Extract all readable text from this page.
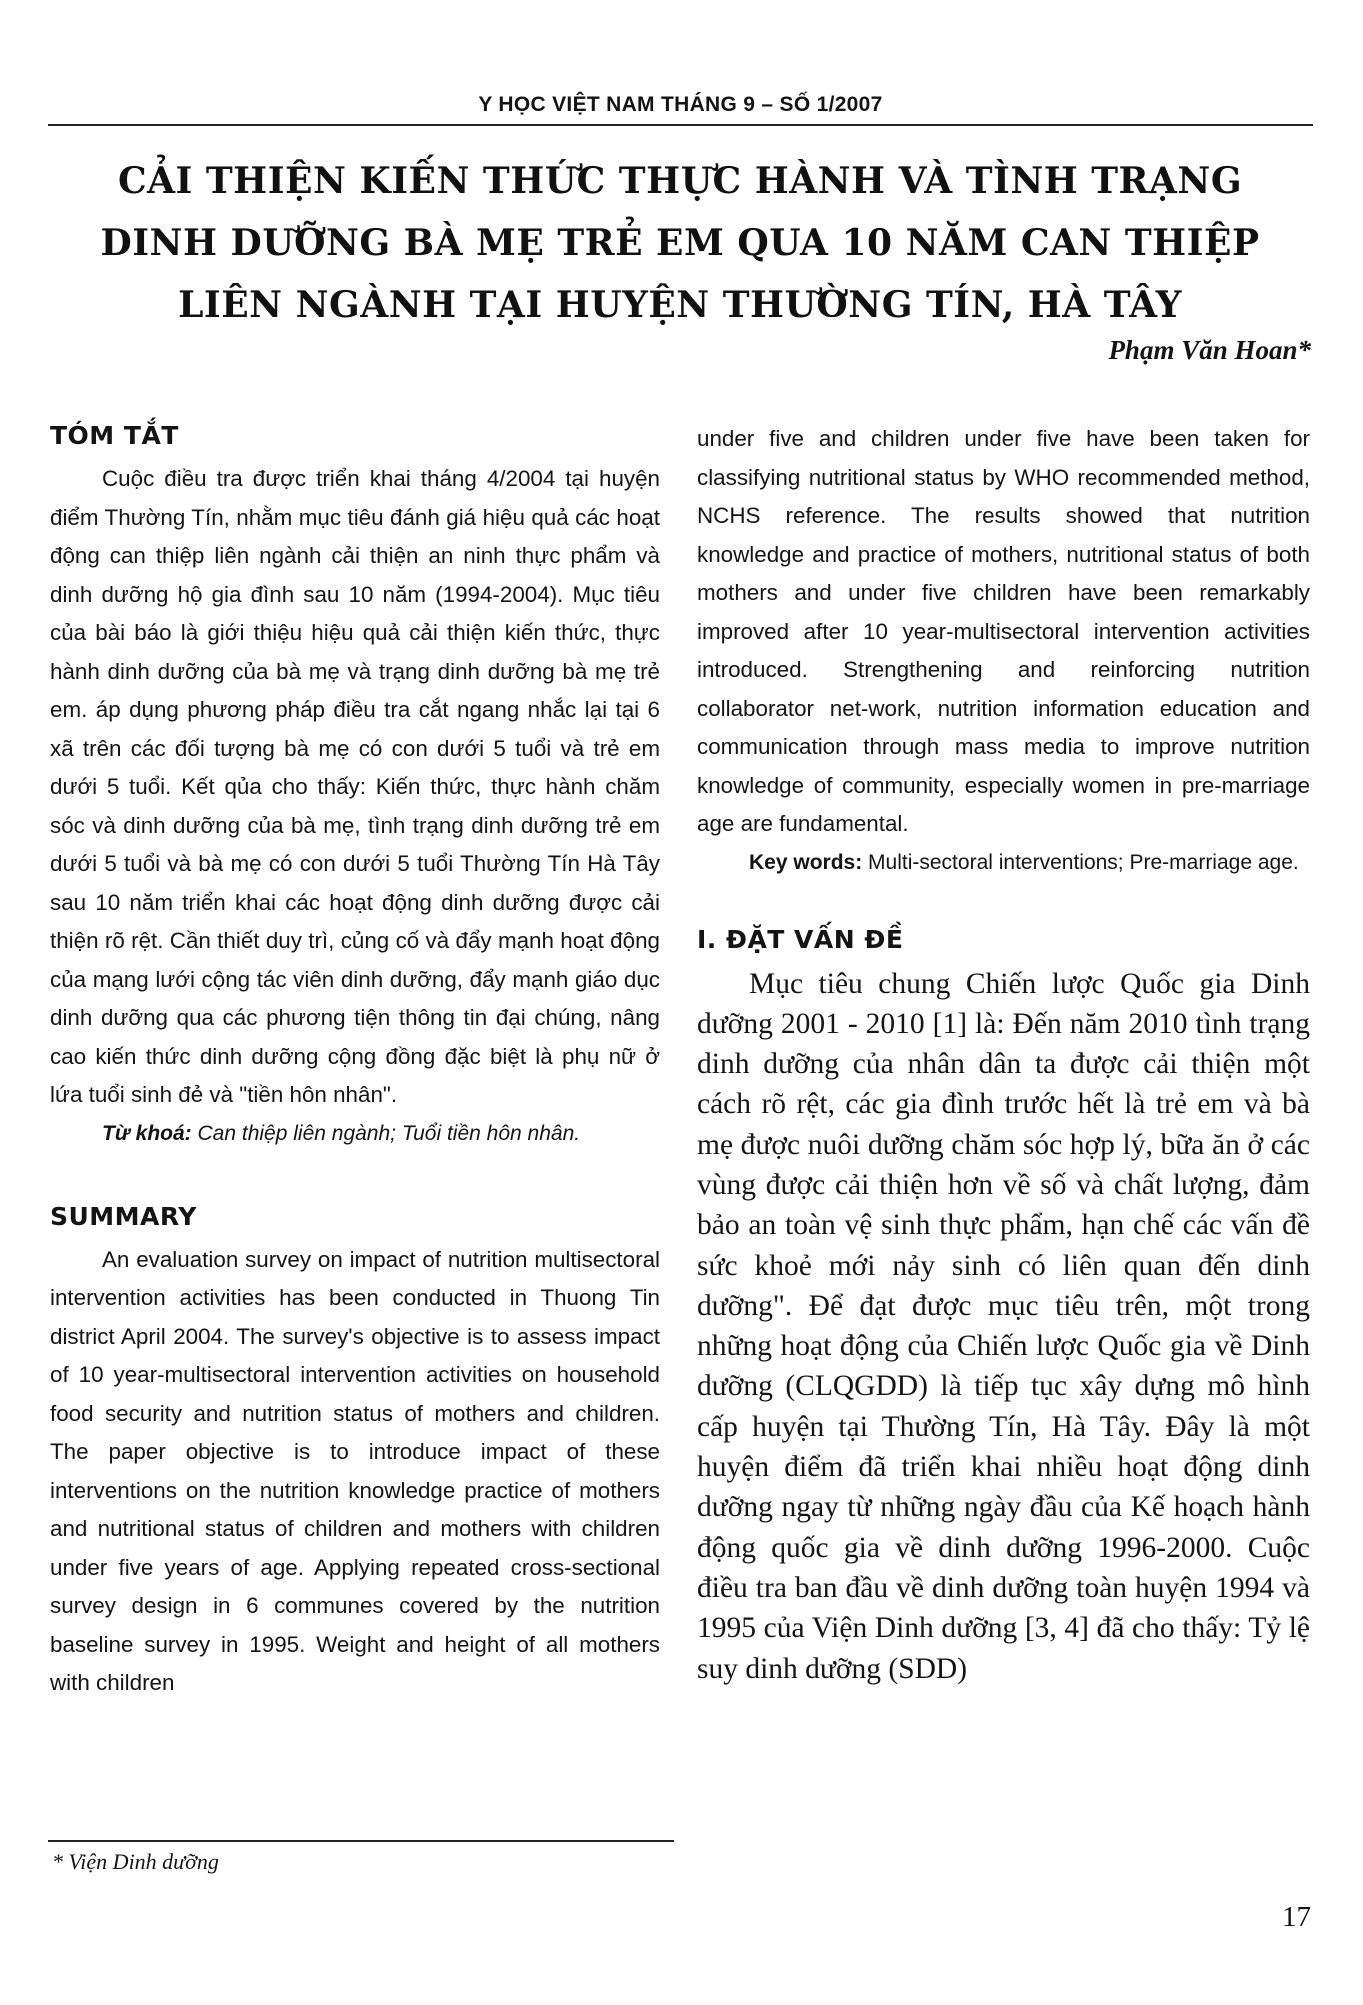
Y HỌC VIỆT NAM THÁNG 9 – SỐ 1/2007
CẢI THIỆN KIẾN THỨC THỰC HÀNH VÀ TÌNH TRẠNG
DINH DƯỠNG BÀ MẸ TRẺ EM QUA 10 NĂM CAN THIỆP
LIÊN NGÀNH TẠI HUYỆN THƯỜNG TÍN, HÀ TÂY
Phạm Văn Hoan*
TÓM TẮT

Cuộc điều tra được triển khai tháng 4/2004 tại huyện điểm Thường Tín, nhằm mục tiêu đánh giá hiệu quả các hoạt động can thiệp liên ngành cải thiện an ninh thực phẩm và dinh dưỡng hộ gia đình sau 10 năm (1994-2004). Mục tiêu của bài báo là giới thiệu hiệu quả cải thiện kiến thức, thực hành dinh dưỡng của bà mẹ và trạng dinh dưỡng bà mẹ trẻ em. áp dụng phương pháp điều tra cắt ngang nhắc lại tại 6 xã trên các đối tượng bà mẹ có con dưới 5 tuổi và trẻ em dưới 5 tuổi. Kết qủa cho thấy: Kiến thức, thực hành chăm sóc và dinh dưỡng của bà mẹ, tình trạng dinh dưỡng trẻ em dưới 5 tuổi và bà mẹ có con dưới 5 tuổi Thường Tín Hà Tây sau 10 năm triển khai các hoạt động dinh dưỡng được cải thiện rõ rệt. Cần thiết duy trì, củng cố và đẩy mạnh hoạt động của mạng lưới cộng tác viên dinh dưỡng, đẩy mạnh giáo dục dinh dưỡng qua các phương tiện thông tin đại chúng, nâng cao kiến thức dinh dưỡng cộng đồng đặc biệt là phụ nữ ở lứa tuổi sinh đẻ và "tiền hôn nhân".

Từ khoá: Can thiệp liên ngành; Tuổi tiền hôn nhân.

SUMMARY

An evaluation survey on impact of nutrition multisectoral intervention activities has been conducted in Thuong Tin district April 2004. The survey's objective is to assess impact of 10 year-multisectoral intervention activities on household food security and nutrition status of mothers and children. The paper objective is to introduce impact of these interventions on the nutrition knowledge practice of mothers and nutritional status of children and mothers with children under five years of age. Applying repeated cross-sectional survey design in 6 communes covered by the nutrition baseline survey in 1995. Weight and height of all mothers with children

under five and children under five have been taken for classifying nutritional status by WHO recommended method, NCHS reference. The results showed that nutrition knowledge and practice of mothers, nutritional status of both mothers and under five children have been remarkably improved after 10 year-multisectoral intervention activities introduced. Strengthening and reinforcing nutrition collaborator net-work, nutrition information education and communication through mass media to improve nutrition knowledge of community, especially women in pre-marriage age are fundamental.

Key words: Multi-sectoral interventions; Pre-marriage age.

I. ĐẶT VẤN ĐỀ

Mục tiêu chung Chiến lược Quốc gia Dinh dưỡng 2001 - 2010 [1] là: Đến năm 2010 tình trạng dinh dưỡng của nhân dân ta được cải thiện một cách rõ rệt, các gia đình trước hết là trẻ em và bà mẹ được nuôi dưỡng chăm sóc hợp lý, bữa ăn ở các vùng được cải thiện hơn về số và chất lượng, đảm bảo an toàn vệ sinh thực phẩm, hạn chế các vấn đề sức khoẻ mới nảy sinh có liên quan đến dinh dưỡng". Để đạt được mục tiêu trên, một trong những hoạt động của Chiến lược Quốc gia về Dinh dưỡng (CLQGDD) là tiếp tục xây dựng mô hình cấp huyện tại Thường Tín, Hà Tây. Đây là một huyện điểm đã triển khai nhiều hoạt động dinh dưỡng ngay từ những ngày đầu của Kế hoạch hành động quốc gia về dinh dưỡng 1996-2000. Cuộc điều tra ban đầu về dinh dưỡng toàn huyện 1994 và 1995 của Viện Dinh dưỡng [3, 4] đã cho thấy: Tỷ lệ suy dinh dưỡng (SDD)

* Viện Dinh dưỡng
17
